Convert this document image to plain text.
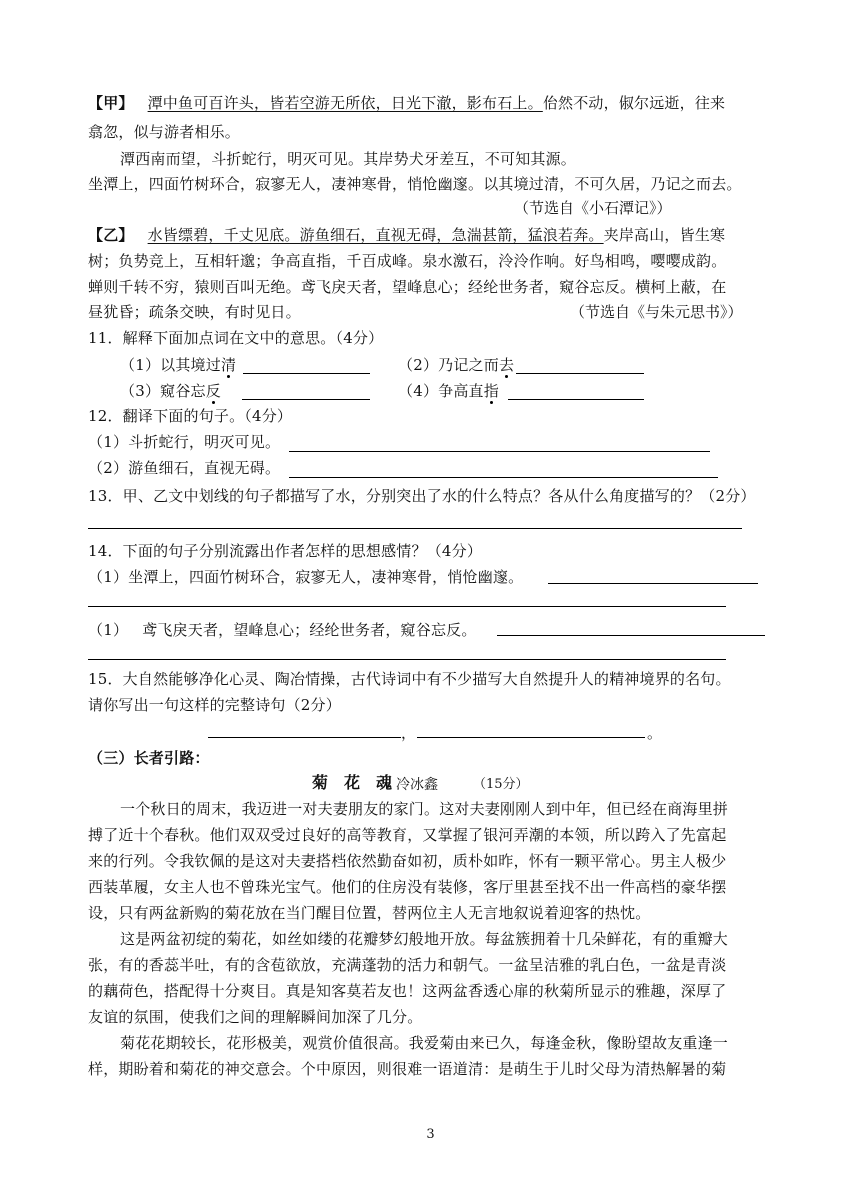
【甲】 潭中鱼可百许头，皆若空游无所依，日光下澈，影布石上。佁然不动，俶尔远逝，往来
翕忽，似与游者相乐。
潭西南而望，斗折蛇行，明灭可见。其岸势犬牙差互，不可知其源。
坐潭上，四面竹树环合，寂寥无人，凄神寒骨，悄怆幽邃。以其境过清，不可久居，乃记之而去。
（节选自《小石潭记》）
【乙】 水皆缥碧，千丈见底。游鱼细石，直视无碍，急湍甚箭，猛浪若奔。夹岸高山，皆生寒
树；负势竞上，互相轩邈；争高直指，千百成峰。泉水激石，泠泠作响。好鸟相鸣，嘤嘤成韵。
蝉则千转不穷，猿则百叫无绝。鸢飞戾天者，望峰息心；经纶世务者，窥谷忘反。横柯上蔽，在
昼犹昏；疏条交映，有时见日。	（节选自《与朱元思书》）
11．解释下面加点词在文中的意思。（4分）
（1）以其境过清	（2）乃记之而去
（3）窥谷忘反	（4）争高直指
12．翻译下面的句子。（4分）
（1）斗折蛇行，明灭可见。
（2）游鱼细石，直视无碍。
13．甲、乙文中划线的句子都描写了水，分别突出了水的什么特点？各从什么角度描写的？（2分）
14．下面的句子分别流露出作者怎样的思想感情？（4分）
（1）坐潭上，四面竹树环合，寂寥无人，凄神寒骨，悄怆幽邃。
（1） 鸢飞戾天者，望峰息心；经纶世务者，窥谷忘反。
15．大自然能够净化心灵、陶冶情操，古代诗词中有不少描写大自然提升人的精神境界的名句。
请你写出一句这样的完整诗句（2分）
，	。
（三）长者引路：
菊　花　魂 冷冰鑫	（15分）
一个秋日的周末，我迈进一对夫妻朋友的家门。这对夫妻刚刚人到中年，但已经在商海里拼
搏了近十个春秋。他们双双受过良好的高等教育，又掌握了银河弄潮的本领，所以跨入了先富起
来的行列。令我钦佩的是这对夫妻搭档依然勤奋如初，质朴如昨，怀有一颗平常心。男主人极少
西装革履，女主人也不曾珠光宝气。他们的住房没有装修，客厅里甚至找不出一件高档的豪华摆
设，只有两盆新购的菊花放在当门醒目位置，替两位主人无言地叙说着迎客的热忱。
这是两盆初绽的菊花，如丝如缕的花瓣梦幻般地开放。每盆簇拥着十几朵鲜花，有的重瓣大
张，有的香蕊半吐，有的含苞欲放，充满蓬勃的活力和朝气。一盆呈洁雅的乳白色，一盆是青淡
的藕荷色，搭配得十分爽目。真是知客莫若友也！这两盆香透心扉的秋菊所显示的雅趣，深厚了
友谊的氛围，使我们之间的理解瞬间加深了几分。
菊花花期较长，花形极美，观赏价值很高。我爱菊由来已久，每逢金秋，像盼望故友重逢一
样，期盼着和菊花的神交意会。个中原因，则很难一语道清：是萌生于儿时父母为清热解暑的菊
3
